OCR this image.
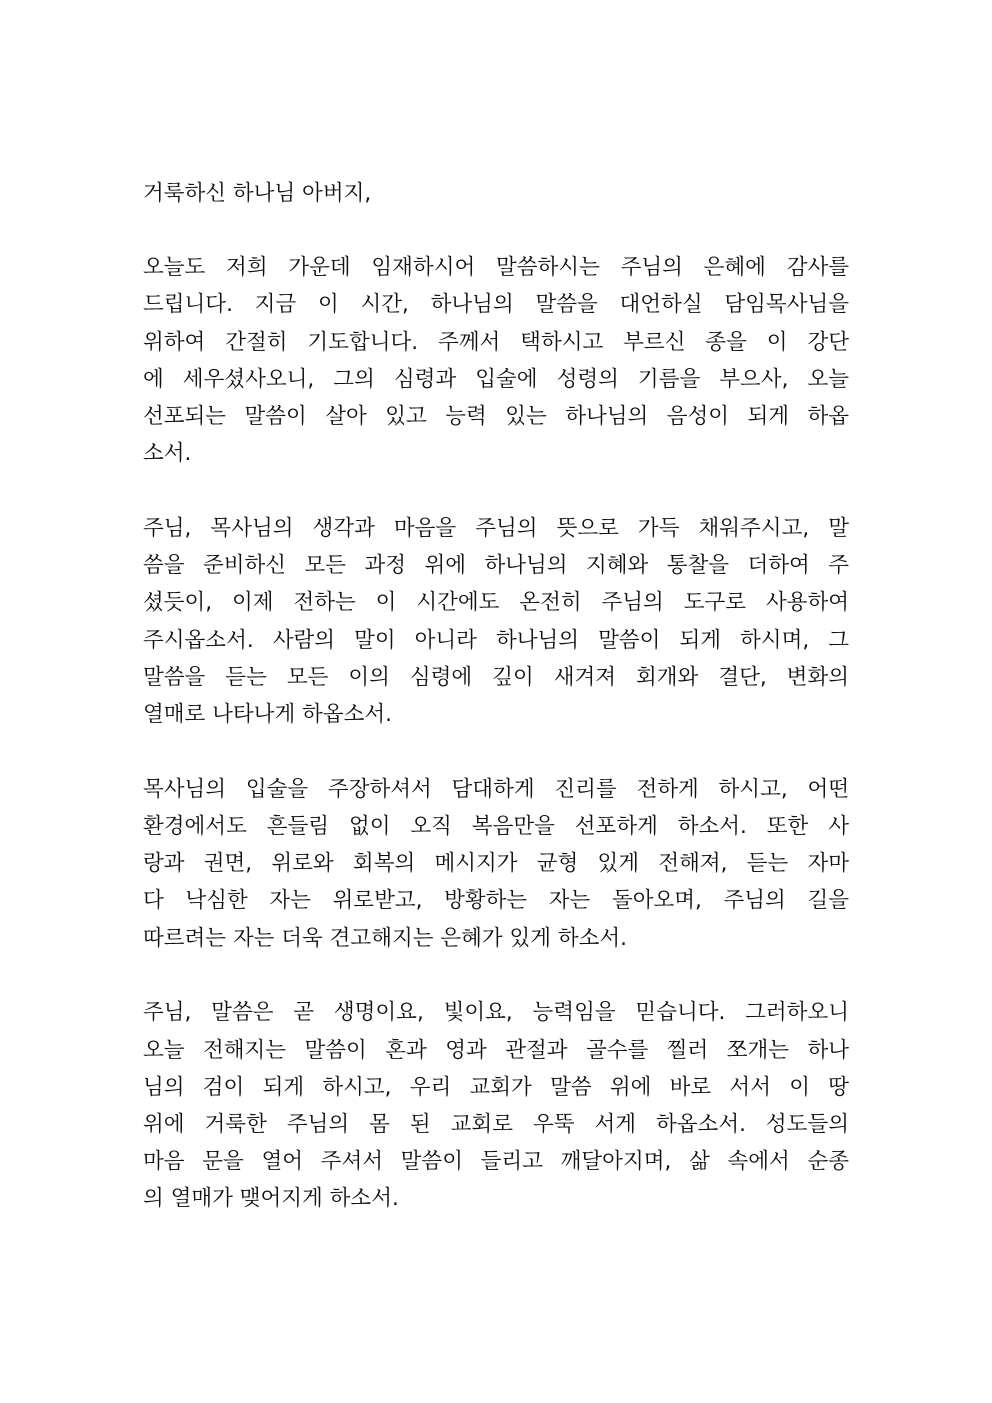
거룩하신 하나님 아버지,
오늘도 저희 가운데 임재하시어 말씀하시는 주님의 은혜에 감사를
드립니다. 지금 이 시간, 하나님의 말씀을 대언하실 담임목사님을
위하여 간절히 기도합니다. 주께서 택하시고 부르신 종을 이 강단
에 세우셨사오니, 그의 심령과 입술에 성령의 기름을 부으사, 오늘
선포되는 말씀이 살아 있고 능력 있는 하나님의 음성이 되게 하옵
소서.
주님, 목사님의 생각과 마음을 주님의 뜻으로 가득 채워주시고, 말
씀을 준비하신 모든 과정 위에 하나님의 지혜와 통찰을 더하여 주
셨듯이, 이제 전하는 이 시간에도 온전히 주님의 도구로 사용하여
주시옵소서. 사람의 말이 아니라 하나님의 말씀이 되게 하시며, 그
말씀을 듣는 모든 이의 심령에 깊이 새겨져 회개와 결단, 변화의
열매로 나타나게 하옵소서.
목사님의 입술을 주장하셔서 담대하게 진리를 전하게 하시고, 어떤
환경에서도 흔들림 없이 오직 복음만을 선포하게 하소서. 또한 사
랑과 권면, 위로와 회복의 메시지가 균형 있게 전해져, 듣는 자마
다 낙심한 자는 위로받고, 방황하는 자는 돌아오며, 주님의 길을
따르려는 자는 더욱 견고해지는 은혜가 있게 하소서.
주님, 말씀은 곧 생명이요, 빛이요, 능력임을 믿습니다. 그러하오니
오늘 전해지는 말씀이 혼과 영과 관절과 골수를 찔러 쪼개는 하나
님의 검이 되게 하시고, 우리 교회가 말씀 위에 바로 서서 이 땅
위에 거룩한 주님의 몸 된 교회로 우뚝 서게 하옵소서. 성도들의
마음 문을 열어 주셔서 말씀이 들리고 깨달아지며, 삶 속에서 순종
의 열매가 맺어지게 하소서.
